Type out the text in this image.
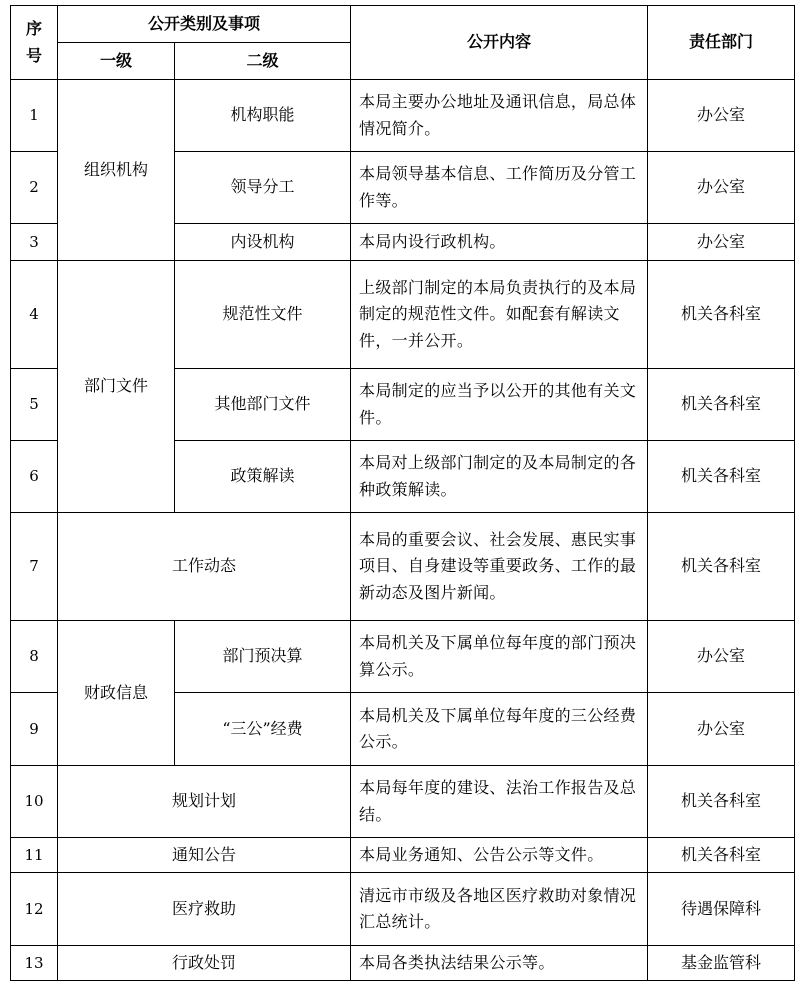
序号	公开类别及事项		公开内容	责任部门
	一级	二级		
1	组织机构	机构职能	本局主要办公地址及通讯信息，局总体情况简介。	办公室
2		领导分工	本局领导基本信息、工作简历及分管工作等。	办公室
3		内设机构	本局内设行政机构。	办公室
4	部门文件	规范性文件	上级部门制定的本局负责执行的及本局制定的规范性文件。如配套有解读文件，一并公开。	机关各科室
5		其他部门文件	本局制定的应当予以公开的其他有关文件。	机关各科室
6		政策解读	本局对上级部门制定的及本局制定的各种政策解读。	机关各科室
7	工作动态		本局的重要会议、社会发展、惠民实事项目、自身建设等重要政务、工作的最新动态及图片新闻。	机关各科室
8	财政信息	部门预决算	本局机关及下属单位每年度的部门预决算公示。	办公室
9		“三公”经费	本局机关及下属单位每年度的三公经费公示。	办公室
10	规划计划		本局每年度的建设、法治工作报告及总结。	机关各科室
11	通知公告		本局业务通知、公告公示等文件。	机关各科室
12	医疗救助		清远市市级及各地区医疗救助对象情况汇总统计。	待遇保障科
13	行政处罚		本局各类执法结果公示等。	基金监管科
